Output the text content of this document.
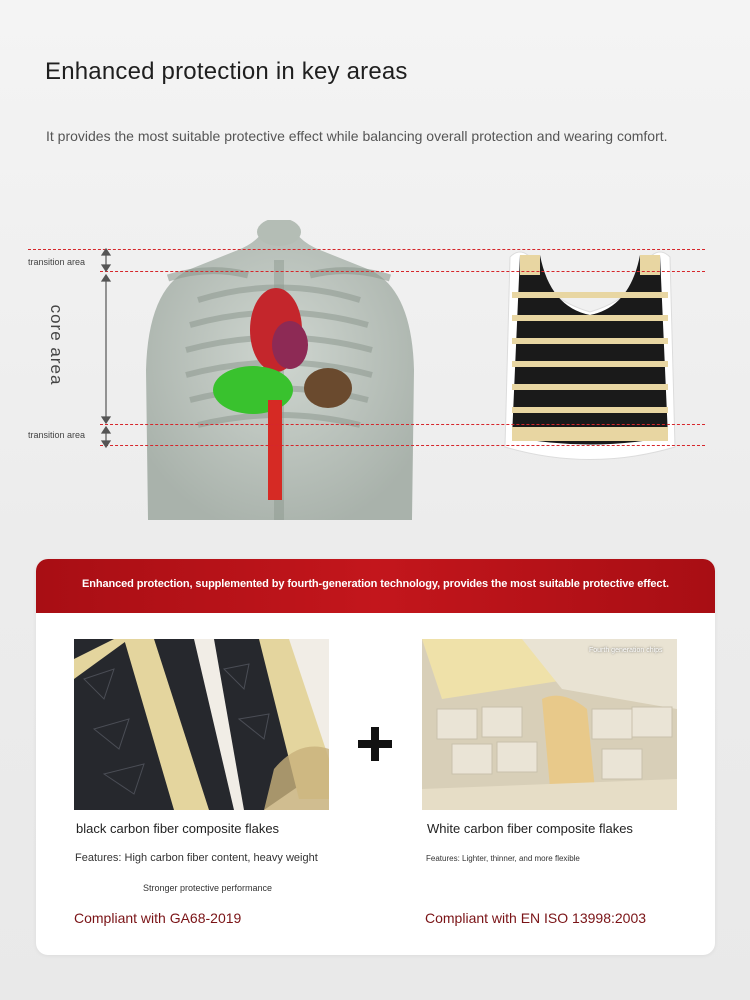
Enhanced protection in key areas
It provides the most suitable protective effect while balancing overall protection and wearing comfort.
transition area
core area
transition area
Enhanced protection, supplemented by fourth-generation technology, provides the most suitable protective effect.
Fourth generation chips
black carbon fiber composite flakes
Features: High carbon fiber content, heavy weight
Stronger protective performance
Compliant with GA68-2019
White carbon fiber composite flakes
Features: Lighter, thinner, and more flexible
Compliant with EN ISO 13998:2003
